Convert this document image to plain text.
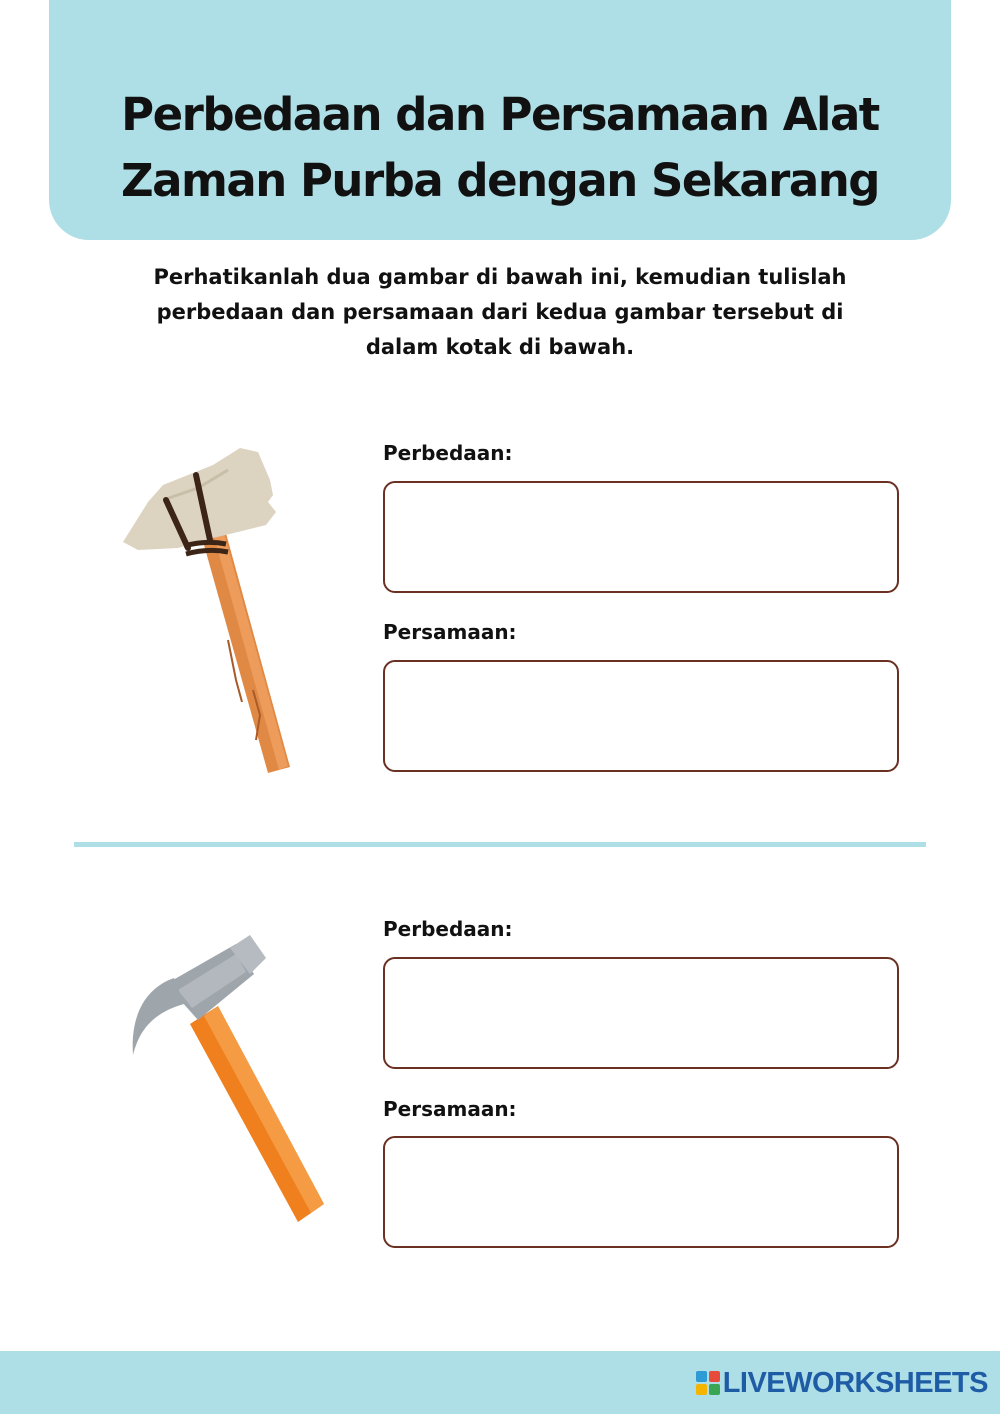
Perbedaan dan Persamaan Alat
Zaman Purba dengan Sekarang
Perhatikanlah dua gambar di bawah ini, kemudian tulislah
perbedaan dan persamaan dari kedua gambar tersebut di
dalam kotak di bawah.
Perbedaan:
Persamaan:
Perbedaan:
Persamaan:
LIVEWORKSHEETS
